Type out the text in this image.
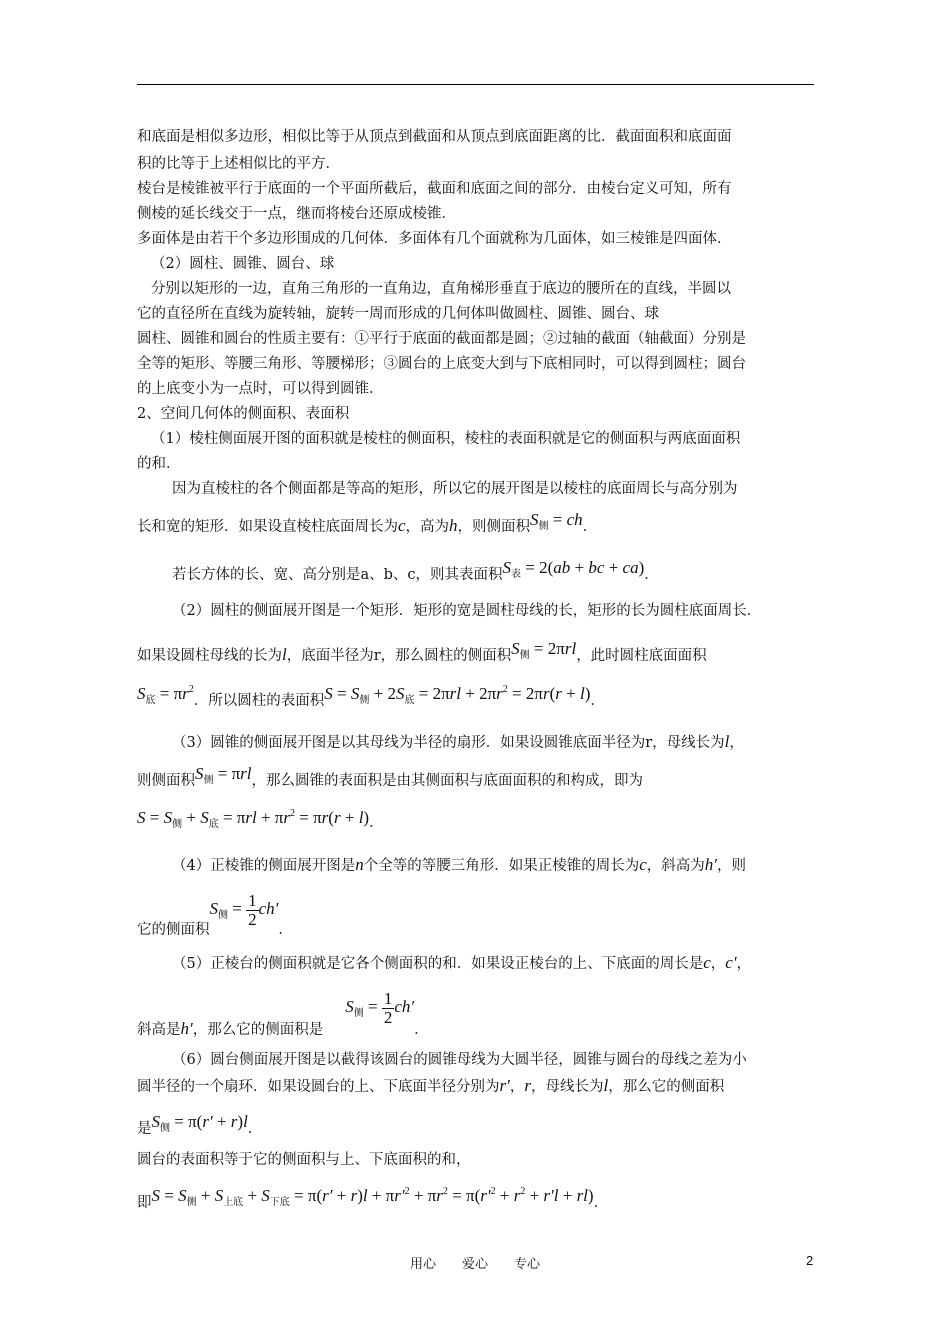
和底面是相似多边形，相似比等于从顶点到截面和从顶点到底面距离的比．截面面积和底面面
积的比等于上述相似比的平方．
棱台是棱锥被平行于底面的一个平面所截后，截面和底面之间的部分．由棱台定义可知，所有
侧棱的延长线交于一点，继而将棱台还原成棱锥．
多面体是由若干个多边形围成的几何体．多面体有几个面就称为几面体，如三棱锥是四面体．
（2）圆柱、圆锥、圆台、球
分别以矩形的一边，直角三角形的一直角边，直角梯形垂直于底边的腰所在的直线，半圆以
它的直径所在直线为旋转轴，旋转一周而形成的几何体叫做圆柱、圆锥、圆台、球
圆柱、圆锥和圆台的性质主要有：①平行于底面的截面都是圆；②过轴的截面（轴截面）分别是
全等的矩形、等腰三角形、等腰梯形；③圆台的上底变大到与下底相同时，可以得到圆柱；圆台
的上底变小为一点时，可以得到圆锥．
2、空间几何体的侧面积、表面积
（1）棱柱侧面展开图的面积就是棱柱的侧面积，棱柱的表面积就是它的侧面积与两底面面积
的和．
因为直棱柱的各个侧面都是等高的矩形，所以它的展开图是以棱柱的底面周长与高分别为
长和宽的矩形．如果设直棱柱底面周长为c，高为h，则侧面积$S_侧$ = ch．
若长方体的长、宽、高分别是a、b、c，则其表面积$S_表 = 2(ab$ + bc + ca)．
（2）圆柱的侧面展开图是一个矩形．矩形的宽是圆柱母线的长，矩形的长为圆柱底面周长．
如果设圆柱母线的长为l，底面半径为r，那么圆柱的侧面积$S_侧 = 2\pi rl$，此时圆柱底面面积
$S_底 = \pi r^2$．所以圆柱的表面积$S = S_侧 + 2S_底 = 2\pi rl + 2\pi r^2 = 2\pi r(r + l)$．
（3）圆锥的侧面展开图是以其母线为半径的扇形．如果设圆锥底面半径为r，母线长为l，
则侧面积$S_侧 = \pi rl$，那么圆锥的表面积是由其侧面积与底面面积的和构成，即为
$S = S_侧 + S_底 = \pi rl + \pi r^2 = \pi r(r + l)$．
（4）正棱锥的侧面展开图是n个全等的等腰三角形．如果正棱锥的周长为c，斜高为h′，则
它的侧面积$S_侧 = \frac{1}{2} ch'$．
（5）正棱台的侧面积就是它各个侧面积的和．如果设正棱台的上、下底面的周长是c，c′，
斜高是h′，那么它的侧面积是$S_侧 = \frac{1}{2} ch'$．
（6）圆台侧面展开图是以截得该圆台的圆锥母线为大圆半径，圆锥与圆台的母线之差为小
圆半径的一个扇环．如果设圆台的上、下底面半径分别为r′，r，母线长为l，那么它的侧面积
是$S_侧 = \pi(r' + r)l$．
圆台的表面积等于它的侧面积与上、下底面积的和，
即$S = S_侧 + S_{上底} + S_{下底} = \pi(r' + r)l + \pi r'^2 + \pi r^2 = \pi(r'^2 + r^2 + r'l + rl)$．
用心　　爱心　　专心	2
